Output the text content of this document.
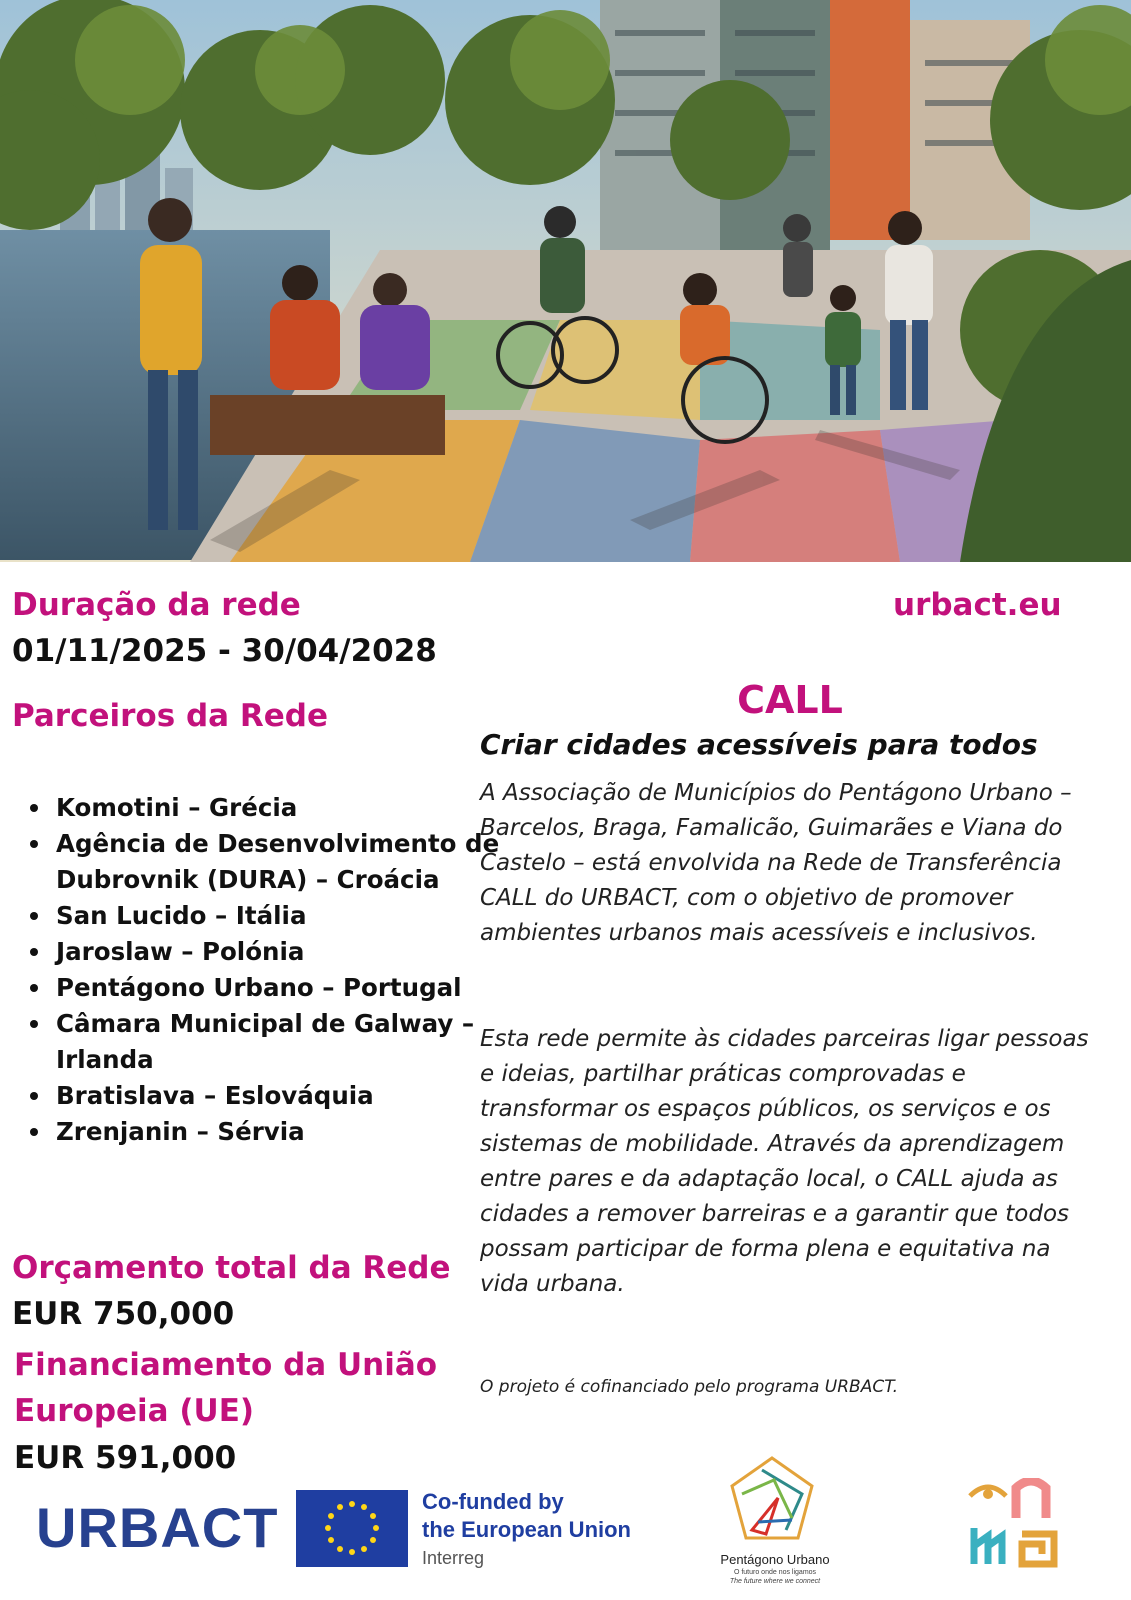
Duração da rede
01/11/2025 - 30/04/2028
urbact.eu
Parceiros da Rede
Komotini – Grécia
Agência de Desenvolvimento de Dubrovnik (DURA) – Croácia
San Lucido – Itália
Jaroslaw – Polónia
Pentágono Urbano – Portugal
Câmara Municipal de Galway – Irlanda
Bratislava – Eslováquia
Zrenjanin – Sérvia
Orçamento total da Rede
EUR 750,000
Financiamento da União Europeia (UE)
EUR 591,000
CALL
Criar cidades acessíveis para todos

A Associação de Municípios do Pentágono Urbano – Barcelos, Braga, Famalicão, Guimarães e Viana do Castelo – está envolvida na Rede de Transferência CALL do URBACT, com o objetivo de promover ambientes urbanos mais acessíveis e inclusivos.

Esta rede permite às cidades parceiras ligar pessoas e ideias, partilhar práticas comprovadas e transformar os espaços públicos, os serviços e os sistemas de mobilidade. Através da aprendizagem entre pares e da adaptação local, o CALL ajuda as cidades a remover barreiras e a garantir que todos possam participar de forma plena e equitativa na vida urbana.

O projeto é cofinanciado pelo programa URBACT.
URBACT	Co-funded by
the European Union
Interreg	Pentágono Urbano
O futuro onde nos ligamos
The future where we connect
